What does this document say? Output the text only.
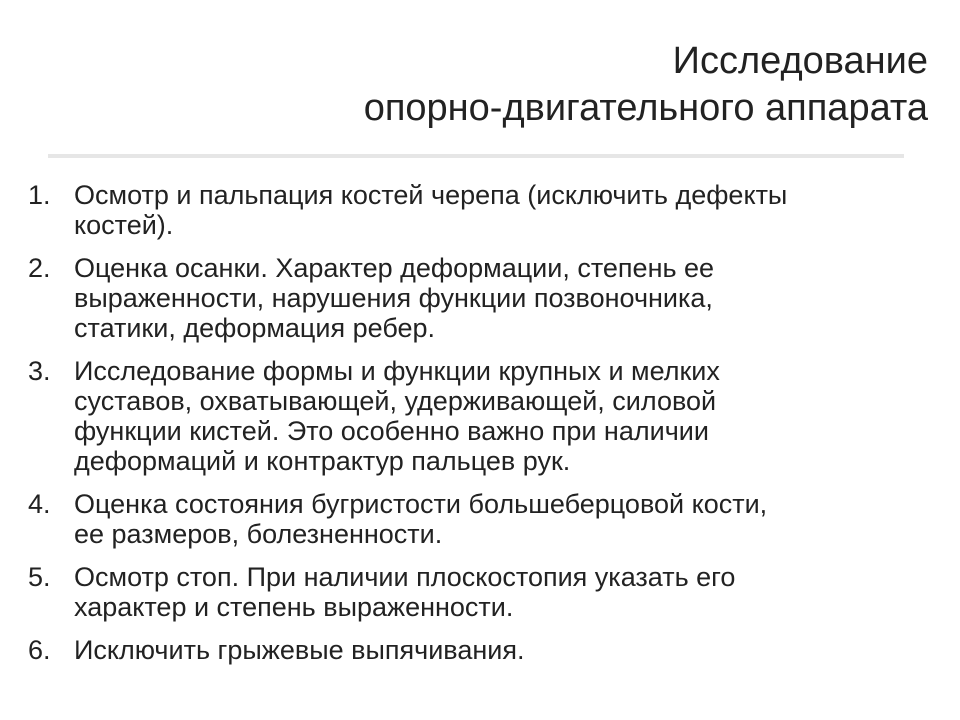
Исследование
опорно-двигательного аппарата
1. Осмотр и пальпация костей черепа (исключить дефекты
костей).
2. Оценка осанки. Характер деформации, степень ее
выраженности, нарушения функции позвоночника,
статики, деформация ребер.
3. Исследование формы и функции крупных и мелких
суставов, охватывающей, удерживающей, силовой
функции кистей. Это особенно важно при наличии
деформаций и контрактур пальцев рук.
4. Оценка состояния бугристости большеберцовой кости,
ее размеров, болезненности.
5. Осмотр стоп. При наличии плоскостопия указать его
характер и степень выраженности.
6. Исключить грыжевые выпячивания.
